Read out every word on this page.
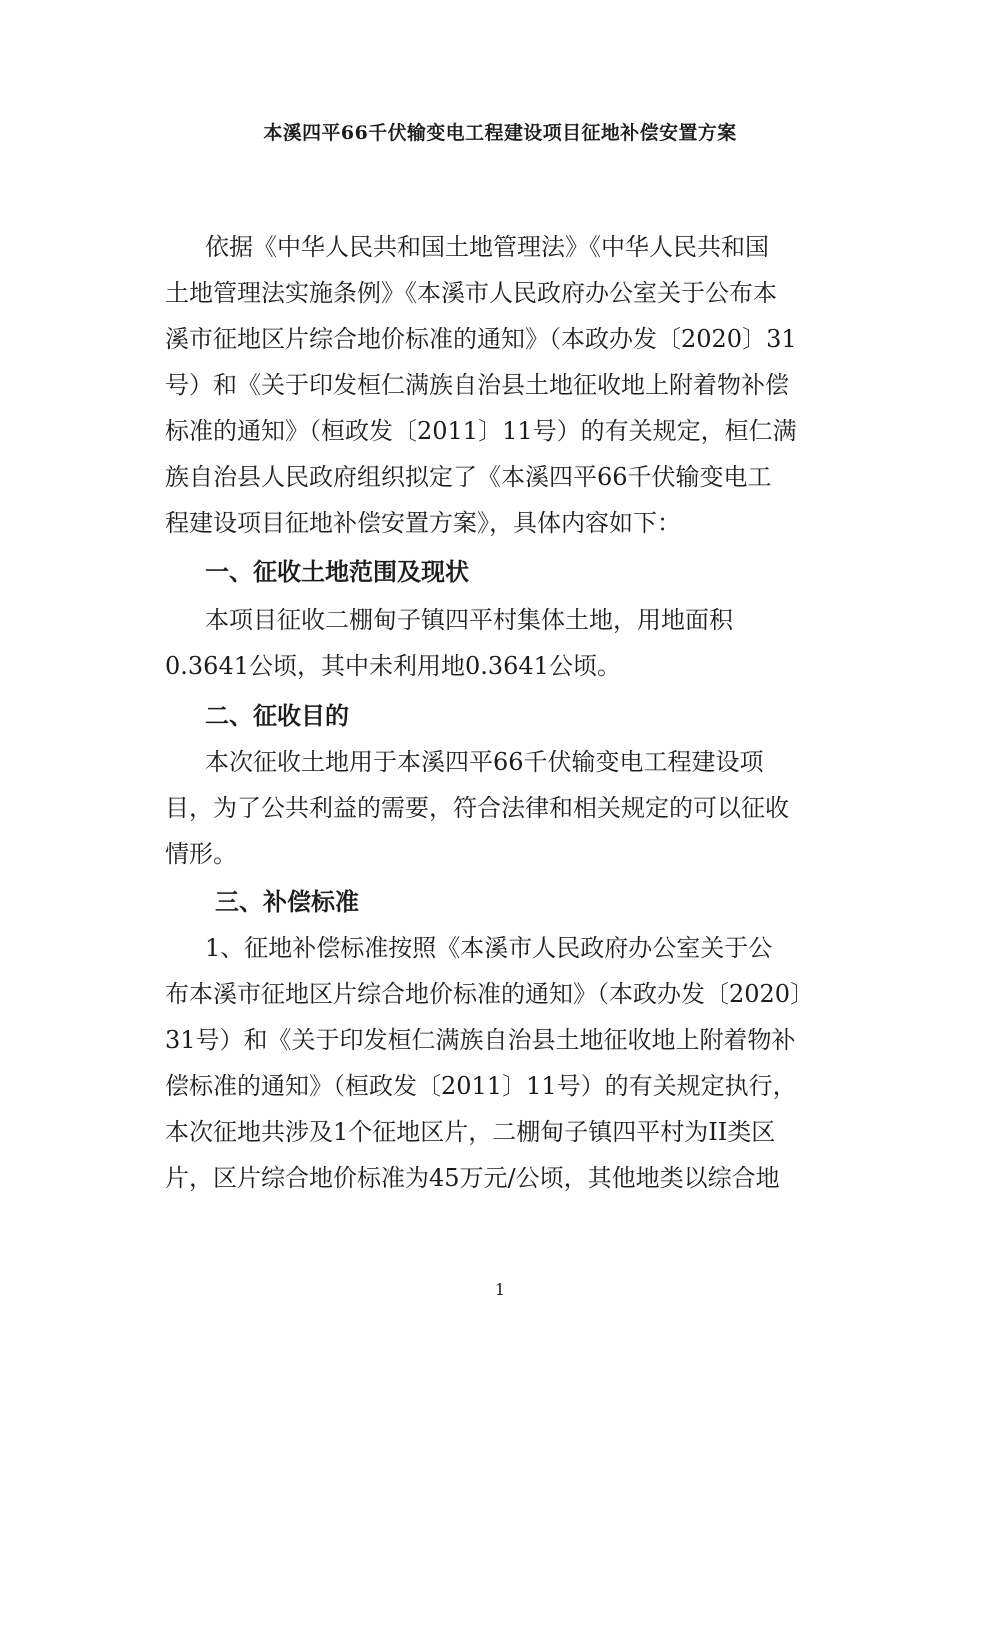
本溪四平66千伏输变电工程建设项目征地补偿安置方案
依据《中华人民共和国土地管理法》《中华人民共和国
土地管理法实施条例》《本溪市人民政府办公室关于公布本
溪市征地区片综合地价标准的通知》（本政办发〔2020〕31
号）和《关于印发桓仁满族自治县土地征收地上附着物补偿
标准的通知》（桓政发〔2011〕11号）的有关规定，桓仁满
族自治县人民政府组织拟定了《本溪四平66千伏输变电工
程建设项目征地补偿安置方案》，具体内容如下：
一、征收土地范围及现状
本项目征收二棚甸子镇四平村集体土地，用地面积
0.3641公顷，其中未利用地0.3641公顷。
二、征收目的
本次征收土地用于本溪四平66千伏输变电工程建设项
目，为了公共利益的需要，符合法律和相关规定的可以征收
情形。
三、补偿标准
1、征地补偿标准按照《本溪市人民政府办公室关于公
布本溪市征地区片综合地价标准的通知》（本政办发〔2020〕
31号）和《关于印发桓仁满族自治县土地征收地上附着物补
偿标准的通知》（桓政发〔2011〕11号）的有关规定执行，
本次征地共涉及1个征地区片，二棚甸子镇四平村为II类区
片，区片综合地价标准为45万元/公顷，其他地类以综合地
1
